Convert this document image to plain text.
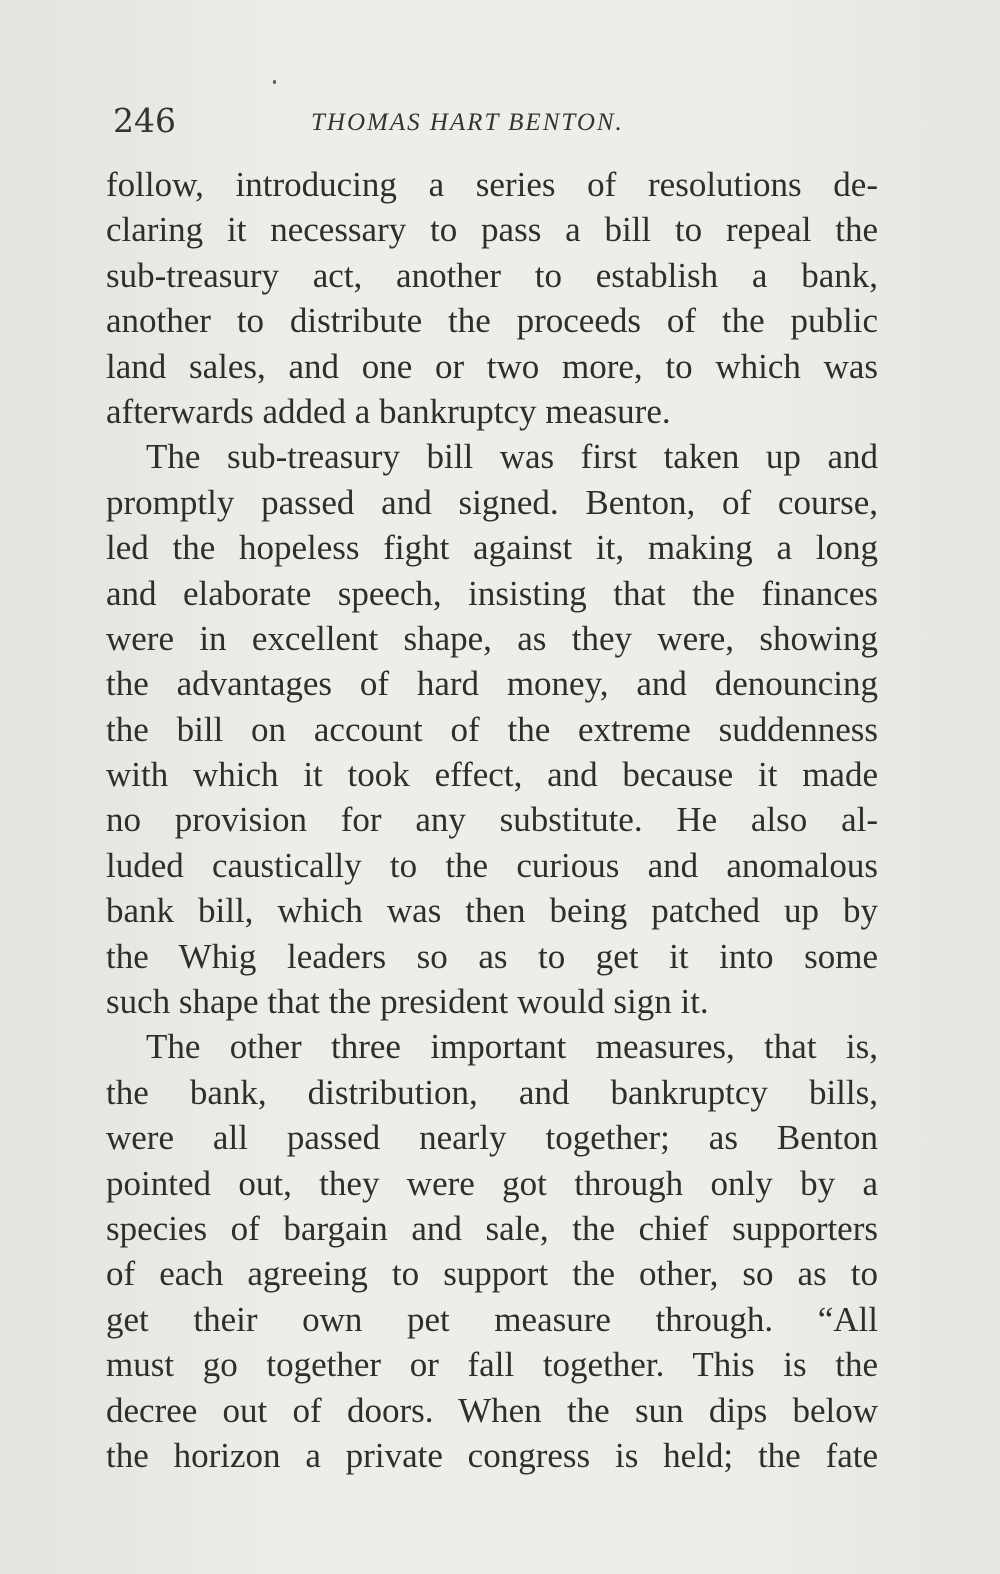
246	THOMAS HART BENTON.
follow, introducing a series of resolutions de-
claring it necessary to pass a bill to repeal the
sub-treasury act, another to establish a bank,
another to distribute the proceeds of the public
land sales, and one or two more, to which was
afterwards added a bankruptcy measure.
The sub-treasury bill was first taken up and
promptly passed and signed. Benton, of course,
led the hopeless fight against it, making a long
and elaborate speech, insisting that the finances
were in excellent shape, as they were, showing
the advantages of hard money, and denouncing
the bill on account of the extreme suddenness
with which it took effect, and because it made
no provision for any substitute. He also al-
luded caustically to the curious and anomalous
bank bill, which was then being patched up by
the Whig leaders so as to get it into some
such shape that the president would sign it.
The other three important measures, that is,
the bank, distribution, and bankruptcy bills,
were all passed nearly together; as Benton
pointed out, they were got through only by a
species of bargain and sale, the chief supporters
of each agreeing to support the other, so as to
get their own pet measure through. “All
must go together or fall together. This is the
decree out of doors. When the sun dips below
the horizon a private congress is held; the fate
